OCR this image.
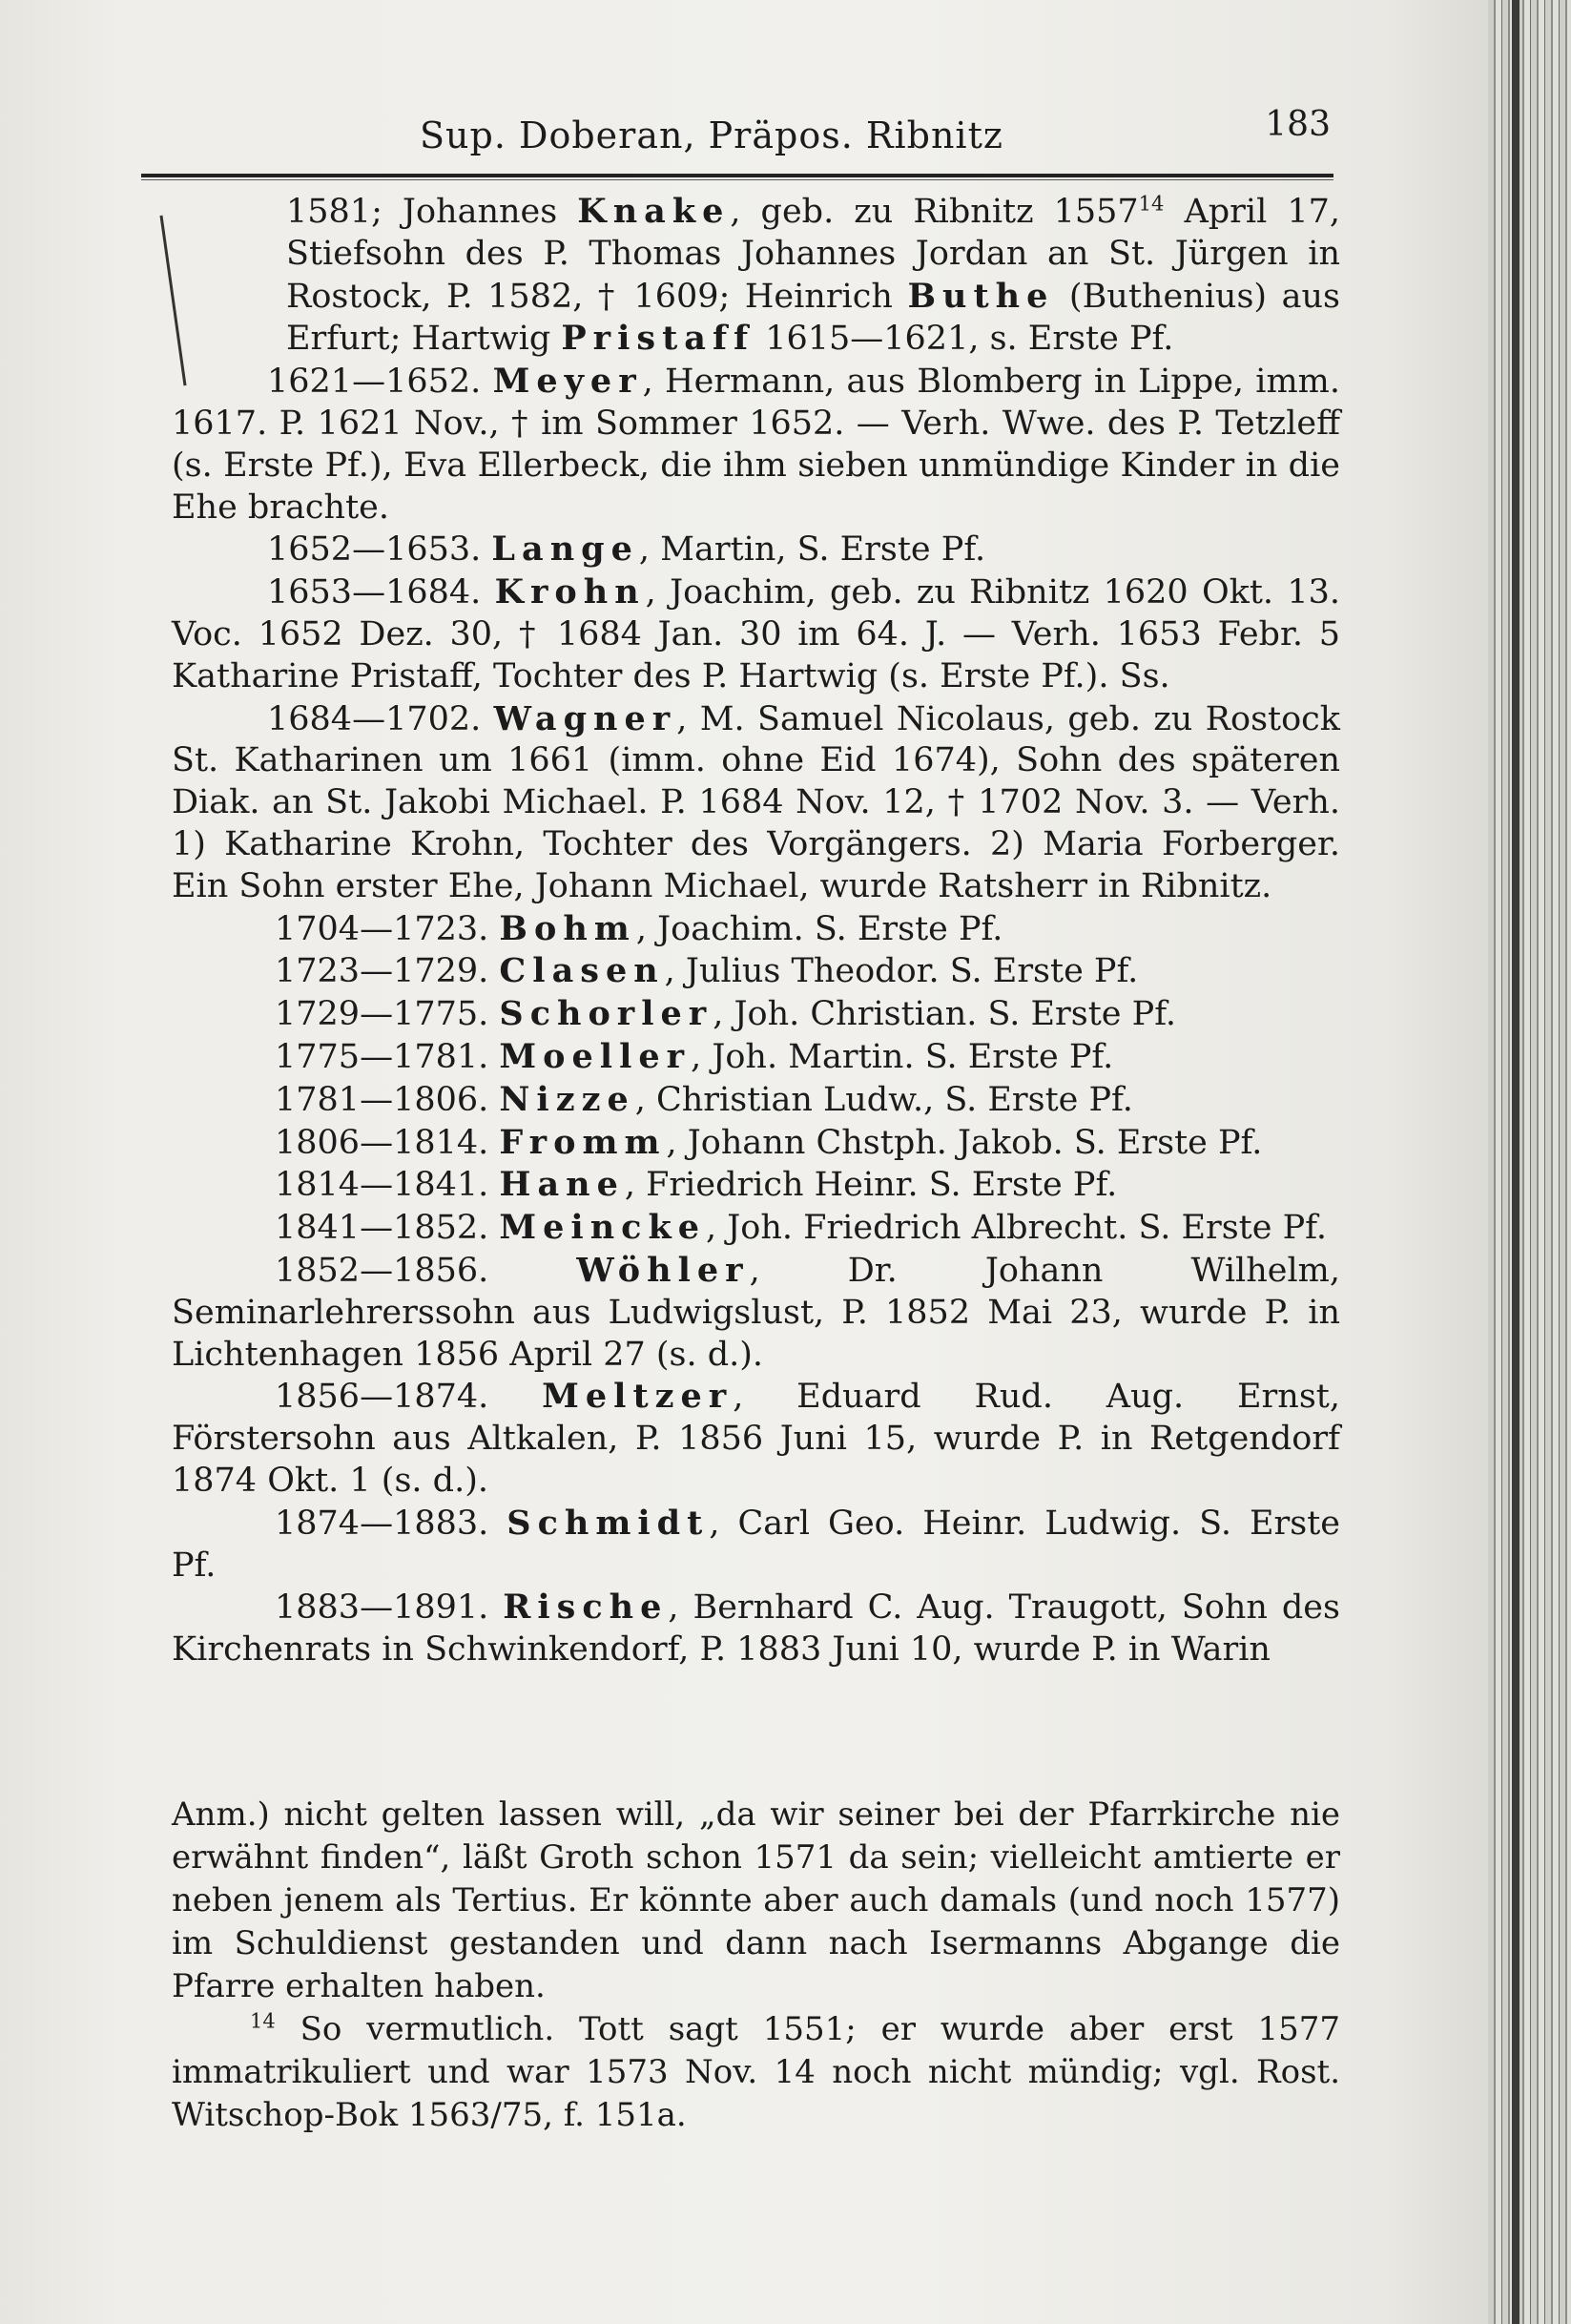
Sup. Doberan, Präpos. Ribnitz	183

1581; Johannes Knake, geb. zu Ribnitz 1557$^{14}$ April 17, Stiefsohn des P. Thomas Johannes Jordan an St. Jürgen in Rostock, P. 1582, † 1609; Heinrich Buthe (Buthenius) aus Erfurt; Hartwig Pristaff 1615—1621, s. Erste Pf.

1621—1652. Meyer, Hermann, aus Blomberg in Lippe, imm. 1617. P. 1621 Nov., † im Sommer 1652. — Verh. Wwe. des P. Tetzleff (s. Erste Pf.), Eva Ellerbeck, die ihm sieben unmündige Kinder in die Ehe brachte.

1652—1653. Lange, Martin, S. Erste Pf.

1653—1684. Krohn, Joachim, geb. zu Ribnitz 1620 Okt. 13. Voc. 1652 Dez. 30, † 1684 Jan. 30 im 64. J. — Verh. 1653 Febr. 5 Katharine Pristaff, Tochter des P. Hartwig (s. Erste Pf.). Ss.

1684—1702. Wagner, M. Samuel Nicolaus, geb. zu Rostock St. Katharinen um 1661 (imm. ohne Eid 1674), Sohn des späteren Diak. an St. Jakobi Michael. P. 1684 Nov. 12, † 1702 Nov. 3. — Verh. 1) Katharine Krohn, Tochter des Vorgängers. 2) Maria Forberger. Ein Sohn erster Ehe, Johann Michael, wurde Ratsherr in Ribnitz.

1704—1723. Bohm, Joachim. S. Erste Pf.

1723—1729. Clasen, Julius Theodor. S. Erste Pf.

1729—1775. Schorler, Joh. Christian. S. Erste Pf.

1775—1781. Moeller, Joh. Martin. S. Erste Pf.

1781—1806. Nizze, Christian Ludw., S. Erste Pf.

1806—1814. Fromm, Johann Chstph. Jakob. S. Erste Pf.

1814—1841. Hane, Friedrich Heinr. S. Erste Pf.

1841—1852. Meincke, Joh. Friedrich Albrecht. S. Erste Pf.

1852—1856.	Wöhler, Dr. Johann Wilhelm, Seminarlehrerssohn aus Ludwigslust, P. 1852 Mai 23, wurde P. in Lichtenhagen 1856 April 27 (s. d.).

1856—1874. Meltzer, Eduard Rud. Aug. Ernst, Förstersohn aus Altkalen, P. 1856 Juni 15, wurde P. in Retgendorf 1874 Okt. 1 (s. d.).

1874—1883. Schmidt, Carl Geo. Heinr. Ludwig. S. Erste Pf.

1883—1891. Rische, Bernhard C. Aug. Traugott, Sohn des Kirchenrats in Schwinkendorf, P. 1883 Juni 10, wurde P. in Warin

Anm.) nicht gelten lassen will, „da wir seiner bei der Pfarrkirche nie erwähnt finden“, läßt Groth schon 1571 da sein; vielleicht amtierte er neben jenem als Tertius. Er könnte aber auch damals (und noch 1577) im Schuldienst gestanden und dann nach Isermanns Abgange die Pfarre erhalten haben.

$^{14}$ So vermutlich. Tott sagt 1551; er wurde aber erst 1577 immatrikuliert und war 1573 Nov. 14 noch nicht mündig; vgl. Rost. Witschop-Bok 1563/75, f. 151a.
